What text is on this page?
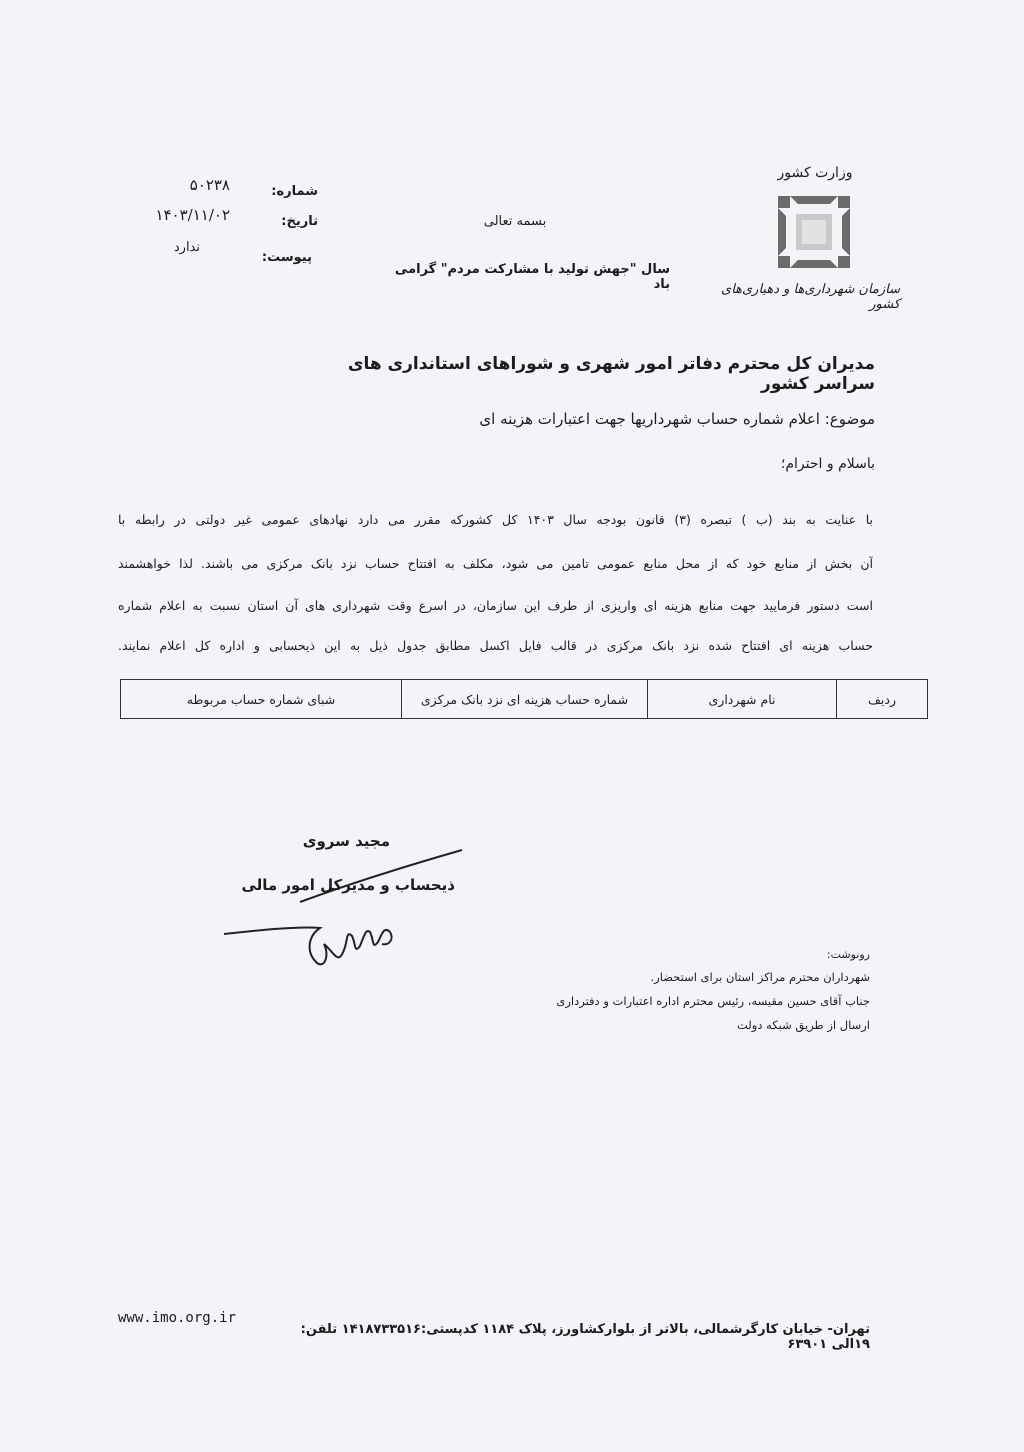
وزارت کشور
سازمان شهرداری‌ها و دهیاری‌های کشور
بسمه تعالی
سال "جهش تولید با مشارکت مردم" گرامی باد
شماره:
۵۰۲۳۸
تاریخ:
۱۴۰۳/۱۱/۰۲
پیوست:
ندارد
مدیران کل محترم دفاتر امور شهری و شوراهای استانداری های سراسر کشور
موضوع: اعلام شماره حساب شهرداریها جهت اعتبارات هزینه ای
باسلام و احترام؛
با عنایت به بند (ب ) تبصره (۳) قانون بودجه سال ۱۴۰۳ کل کشورکه مقرر می دارد نهادهای عمومی غیر دولتی در رابطه با
آن بخش از منابع خود که از محل منابع عمومی تامین می شود، مکلف به افتتاح حساب نزد بانک مرکزی می باشند. لذا خواهشمند
است دستور فرمایید جهت منابع هزینه ای واریزی از طرف این سازمان، در اسرع وقت شهرداری های آن استان نسبت به اعلام شماره
حساب هزینه ای افتتاح شده نزد بانک مرکزی در قالب فایل اکسل مطابق جدول ذیل به این ذیحسابی و اداره کل اعلام نمایند.
ردیف	نام شهرداری	شماره حساب هزینه ای نزد بانک مرکزی	شبای شماره حساب مربوطه
مجید سروی
ذیحساب و مدیرکل امور مالی
رونوشت:
شهرداران محترم مراکز استان برای استحضار.
جناب آقای حسین مقیسه، رئیس محترم اداره اعتبارات و دفترداری
ارسال از طریق شبکه دولت
تهران- خیابان کارگرشمالی، بالاتر از بلوارکشاورز، پلاک ۱۱۸۴ کدپستی:۱۴۱۸۷۳۳۵۱۶ تلفن: ۱۹الی ۶۳۹۰۱
www.imo.org.ir
